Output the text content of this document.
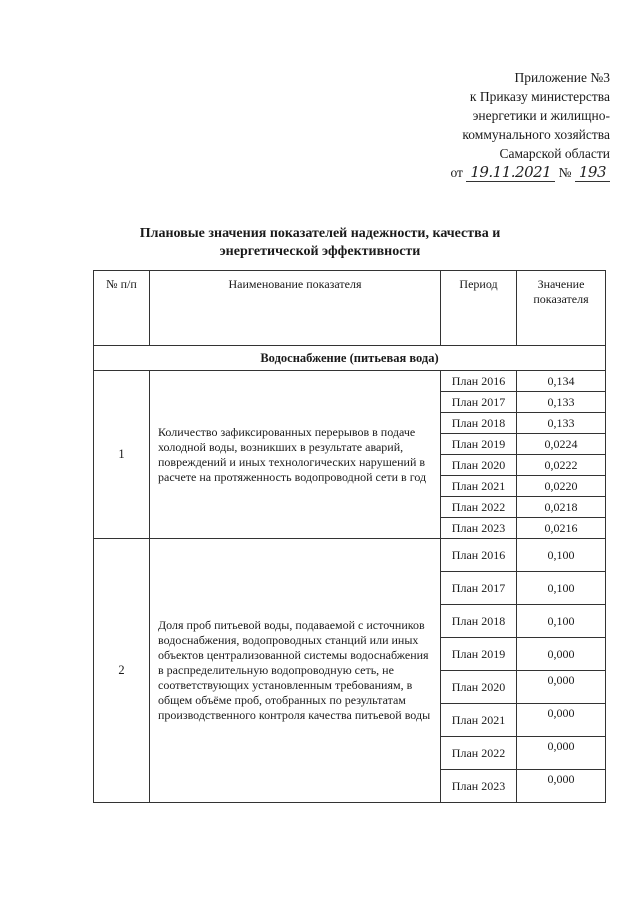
Приложение №3
к Приказу министерства
энергетики и жилищно-
коммунального хозяйства
Самарской области
от 19.11.2021 № 193
Плановые значения показателей надежности, качества и
энергетической эффективности
№ п/п	Наименование показателя	Период	Значение показателя
Водоснабжение (питьевая вода)			
1	Количество зафиксированных перерывов в подаче холодной воды, возникших в результате аварий, повреждений и иных технологических нарушений в расчете на протяженность водопроводной сети в год	План 2016	0,134
		План 2017	0,133
		План 2018	0,133
		План 2019	0,0224
		План 2020	0,0222
		План 2021	0,0220
		План 2022	0,0218
		План 2023	0,0216
2	Доля проб питьевой воды, подаваемой с источников водоснабжения, водопроводных станций или иных объектов централизованной системы водоснабжения в распределительную водопроводную сеть, не соответствующих установленным требованиям, в общем объёме проб, отобранных по результатам производственного контроля качества питьевой воды	План 2016	0,100
		План 2017	0,100
		План 2018	0,100
		План 2019	0,000
		План 2020	0,000
		План 2021	0,000
		План 2022	0,000
		План 2023	0,000
